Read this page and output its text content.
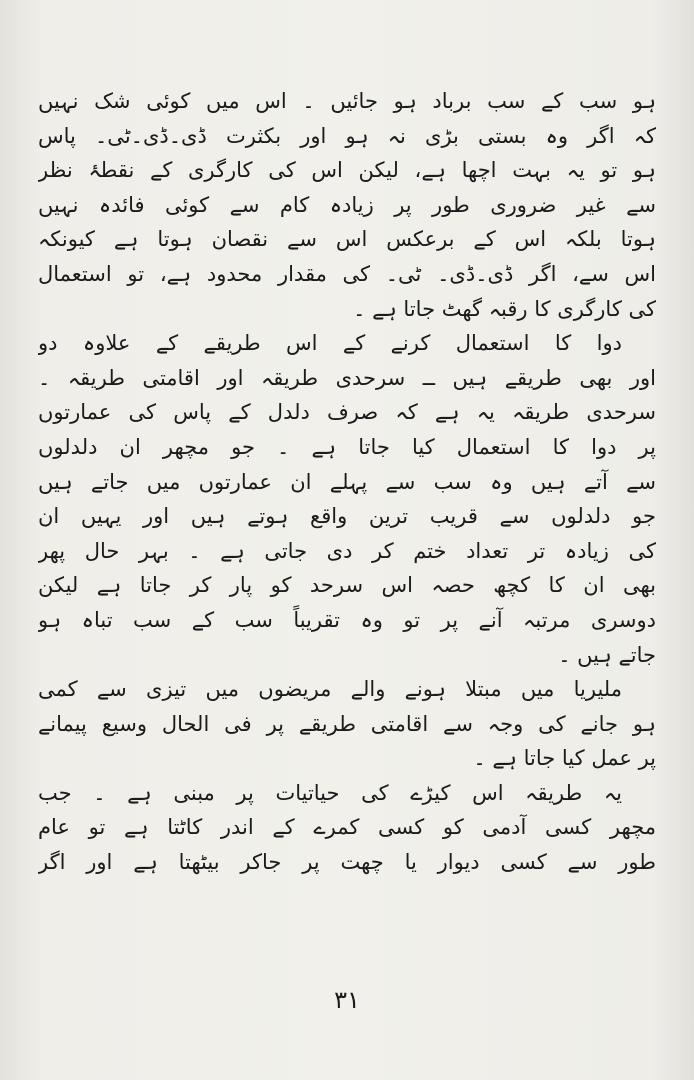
ہو سب کے سب برباد ہو جائیں ۔ اس میں کوئی شک نہیں
کہ اگر وہ بستی بڑی نہ ہو اور بکثرت ڈی۔ڈی۔ٹی۔ پاس
ہو تو یہ بہت اچھا ہے، لیکن اس کی کارگری کے نقطۂ نظر
سے غیر ضروری طور پر زیادہ کام سے کوئی فائدہ نہیں
ہوتا بلکہ اس کے برعکس اس سے نقصان ہوتا ہے کیونکہ
اس سے، اگر ڈی۔ڈی۔ ٹی۔ کی مقدار محدود ہے، تو استعمال
کی کارگری کا رقبہ گھٹ جاتا ہے ۔
دوا کا استعمال کرنے کے اس طریقے کے علاوہ دو
اور بھی طریقے ہیں ــ سرحدی طریقہ اور اقامتی طریقہ ۔
سرحدی طریقہ یہ ہے کہ صرف دلدل کے پاس کی عمارتوں
پر دوا کا استعمال کیا جاتا ہے ۔ جو مچھر ان دلدلوں
سے آتے ہیں وہ سب سے پہلے ان عمارتوں میں جاتے ہیں
جو دلدلوں سے قریب ترین واقع ہوتے ہیں اور یہیں ان
کی زیادہ تر تعداد ختم کر دی جاتی ہے ۔ بہر حال پھر
بھی ان کا کچھ حصہ اس سرحد کو پار کر جاتا ہے لیکن
دوسری مرتبہ آنے پر تو وہ تقریباً سب کے سب تباہ ہو
جاتے ہیں ۔
ملیریا میں مبتلا ہونے والے مریضوں میں تیزی سے کمی
ہو جانے کی وجہ سے اقامتی طریقے پر فی الحال وسیع پیمانے
پر عمل کیا جاتا ہے ۔
یہ طریقہ اس کیڑے کی حیاتیات پر مبنی ہے ۔ جب
مچھر کسی آدمی کو کسی کمرے کے اندر کاٹتا ہے تو عام
طور سے کسی دیوار یا چھت پر جاکر بیٹھتا ہے اور اگر
۳۱
